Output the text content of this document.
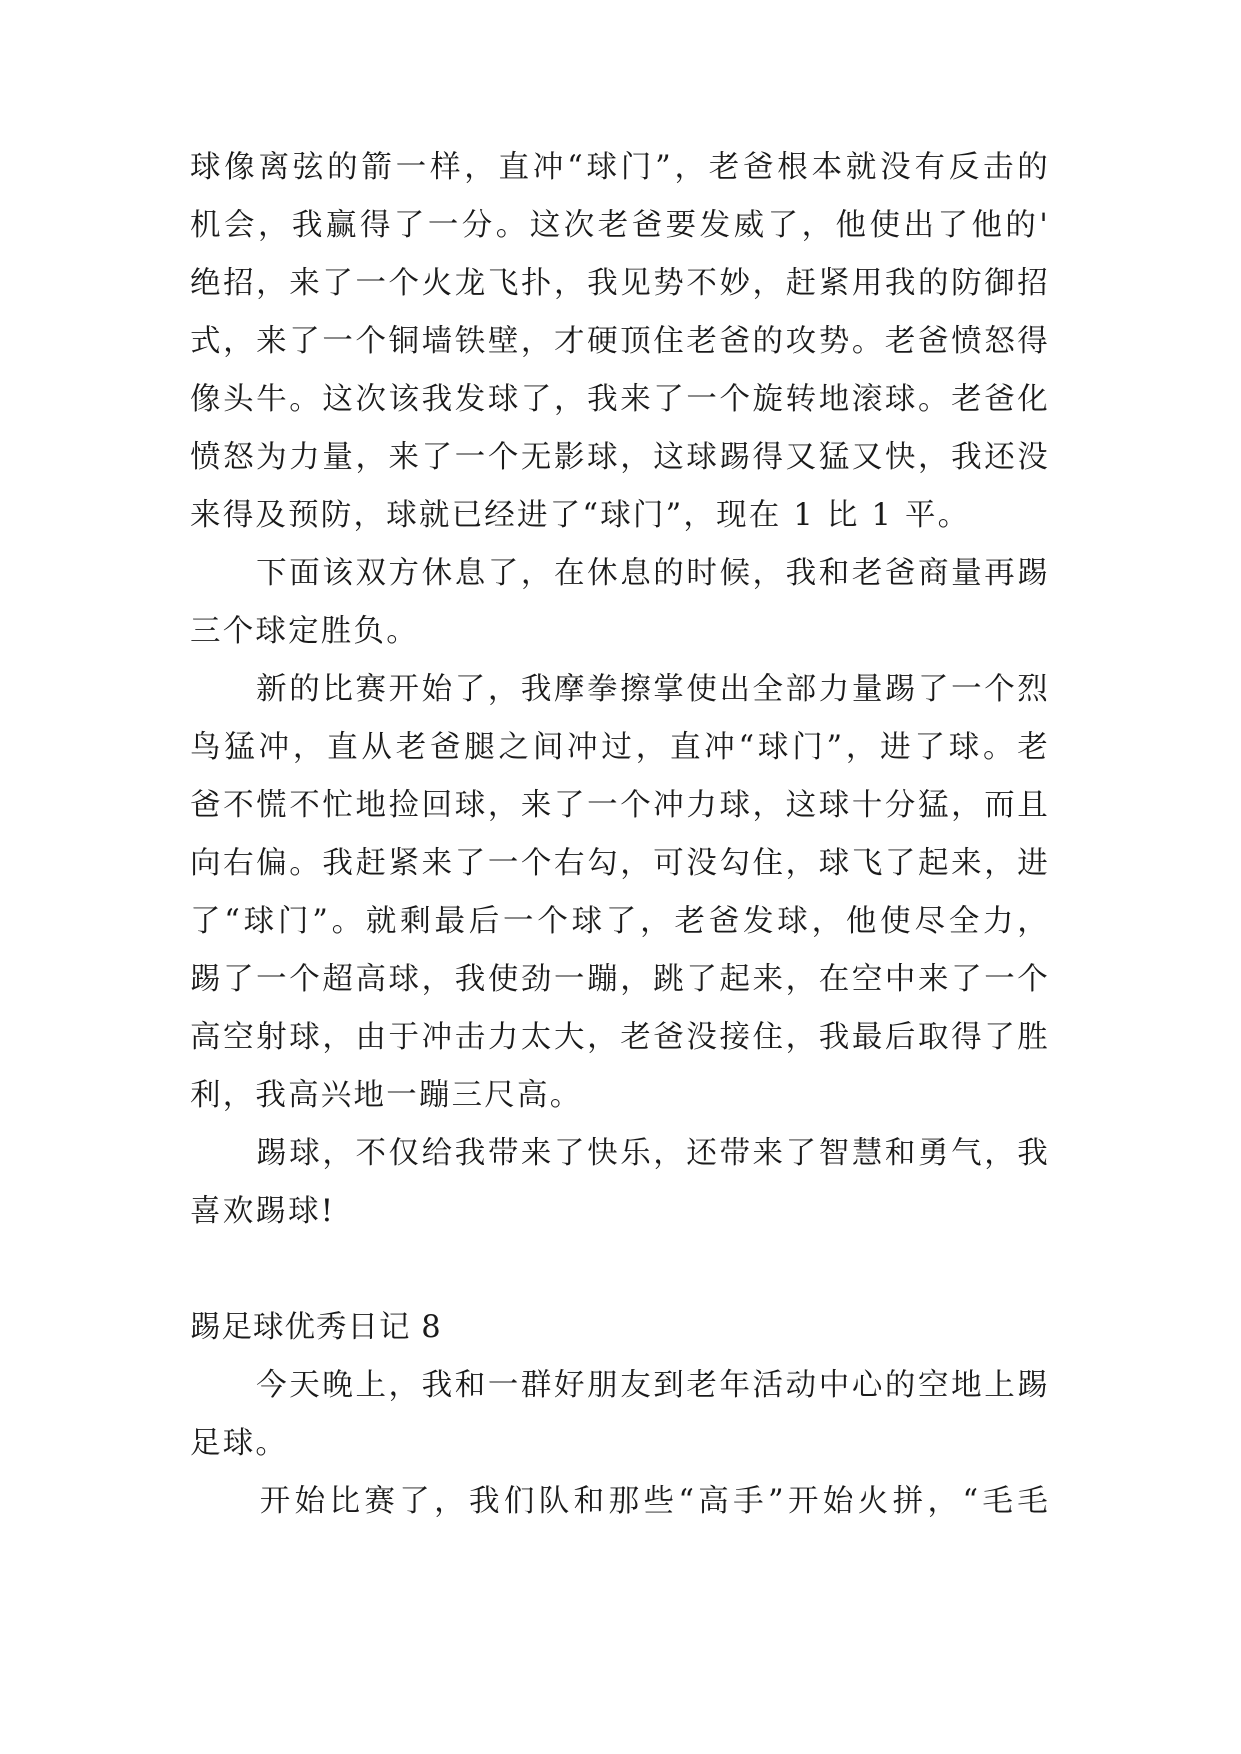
球像离弦的箭一样，直冲“球门”，老爸根本就没有反击的
机会，我赢得了一分。这次老爸要发威了，他使出了他的'
绝招，来了一个火龙飞扑，我见势不妙，赶紧用我的防御招
式，来了一个铜墙铁壁，才硬顶住老爸的攻势。老爸愤怒得
像头牛。这次该我发球了，我来了一个旋转地滚球。老爸化
愤怒为力量，来了一个无影球，这球踢得又猛又快，我还没
来得及预防，球就已经进了“球门”，现在 1 比 1 平。
　　下面该双方休息了，在休息的时候，我和老爸商量再踢
三个球定胜负。
　　新的比赛开始了，我摩拳擦掌使出全部力量踢了一个烈
鸟猛冲，直从老爸腿之间冲过，直冲“球门”，进了球。老
爸不慌不忙地捡回球，来了一个冲力球，这球十分猛，而且
向右偏。我赶紧来了一个右勾，可没勾住，球飞了起来，进
了“球门”。就剩最后一个球了，老爸发球，他使尽全力，
踢了一个超高球，我使劲一蹦，跳了起来，在空中来了一个
高空射球，由于冲击力太大，老爸没接住，我最后取得了胜
利，我高兴地一蹦三尺高。
　　踢球，不仅给我带来了快乐，还带来了智慧和勇气，我
喜欢踢球!
踢足球优秀日记 8
　　今天晚上，我和一群好朋友到老年活动中心的空地上踢
足球。
　　开始比赛了，我们队和那些“高手”开始火拼，“毛毛
